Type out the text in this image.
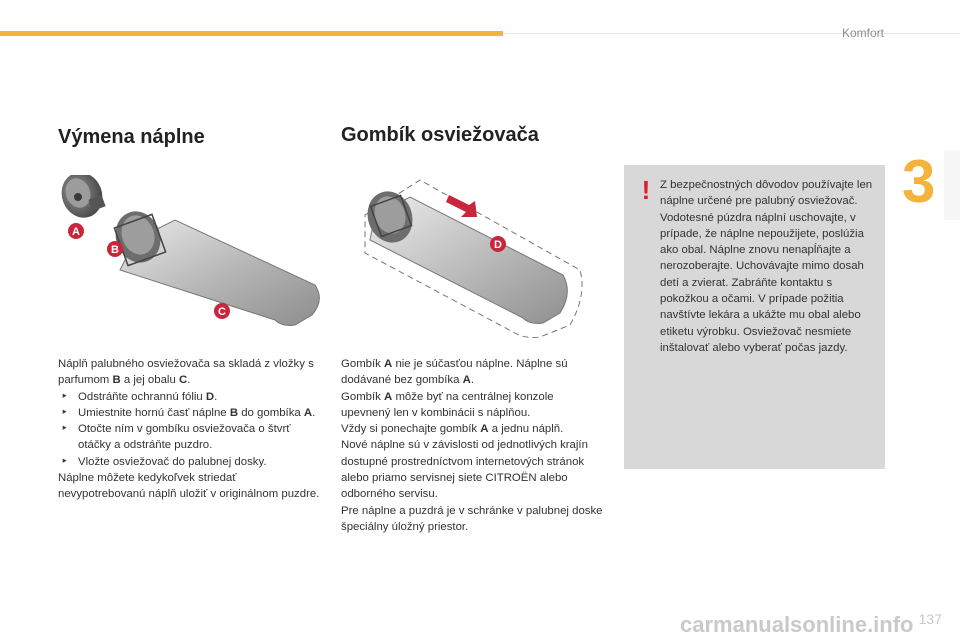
Komfort
3
Výmena náplne	Gombík osviežovača
A
B
C
D

Náplň palubného osviežovača sa skladá z vložky s parfumom B a jej obalu C.

‣ Odstráňte ochrannú fóliu D.

‣ Umiestnite hornú časť náplne B do gombíka A.

‣ Otočte ním v gombíku osviežovača o štvrť otáčky a odstráňte puzdro.

‣ Vložte osviežovač do palubnej dosky.

Náplne môžete kedykoľvek striedať nevypotrebovanú náplň uložiť v originálnom puzdre.

Gombík A nie je súčasťou náplne. Náplne sú dodávané bez gombíka A.

Gombík A môže byť na centrálnej konzole upevnený len v kombinácii s náplňou.

Vždy si ponechajte gombík A a jednu náplň.

Nové náplne sú v závislosti od jednotlivých krajín dostupné prostredníctvom internetových stránok alebo priamo servisnej siete CITROËN alebo odborného servisu.

Pre náplne a puzdrá je v schránke v palubnej doske špeciálny úložný priestor.

! Z bezpečnostných dôvodov používajte len náplne určené pre palubný osviežovač. Vodotesné púzdra náplní uschovajte, v prípade, že náplne nepoužijete, poslúžia ako obal. Náplne znovu nenapĺňajte a nerozoberajte. Uchovávajte mimo dosah detí a zvierat. Zabráňte kontaktu s pokožkou a očami. V prípade požitia navštívte lekára a ukážte mu obal alebo etiketu výrobku. Osviežovač nesmiete inštalovať alebo vyberať počas jazdy.
carmanualsonline.info 137
